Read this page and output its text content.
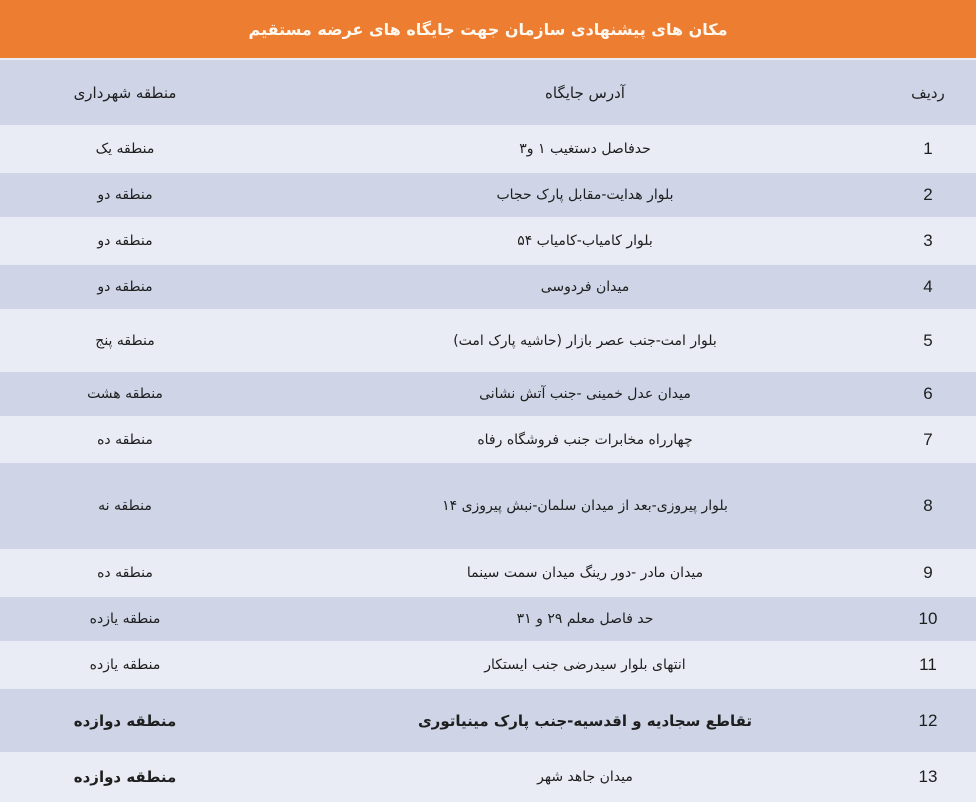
مکان های پیشنهادی سازمان جهت جایگاه های عرضه مستقیم
ردیف
آدرس جایگاه
منطقه شهرداری
1
حدفاصل دستغیب ۱ و۳
منطقه یک
2
بلوار هدایت-مقابل پارک حجاب
منطقه دو
3
بلوار کامیاب-کامیاب ۵۴
منطقه دو
4
میدان فردوسی
منطقه دو
5
بلوار امت-جنب عصر بازار (حاشیه پارک امت)
منطقه پنج
6
میدان عدل خمینی -جنب آتش نشانی
منطقه هشت
7
چهارراه مخابرات جنب فروشگاه رفاه
منطقه ده
8
بلوار پیروزی-بعد از میدان سلمان-نبش پیروزی ۱۴
منطقه نه
9
میدان مادر -دور رینگ میدان سمت سینما
منطقه ده
10
حد فاصل معلم ۲۹ و ۳۱
منطقه یازده
11
انتهای بلوار سیدرضی جنب ایستکار
منطقه یازده
12
تقاطع سجادیه و اقدسیه-جنب پارک مینیاتوری
منطقه دوازده
13
میدان جاهد شهر
منطقه دوازده
